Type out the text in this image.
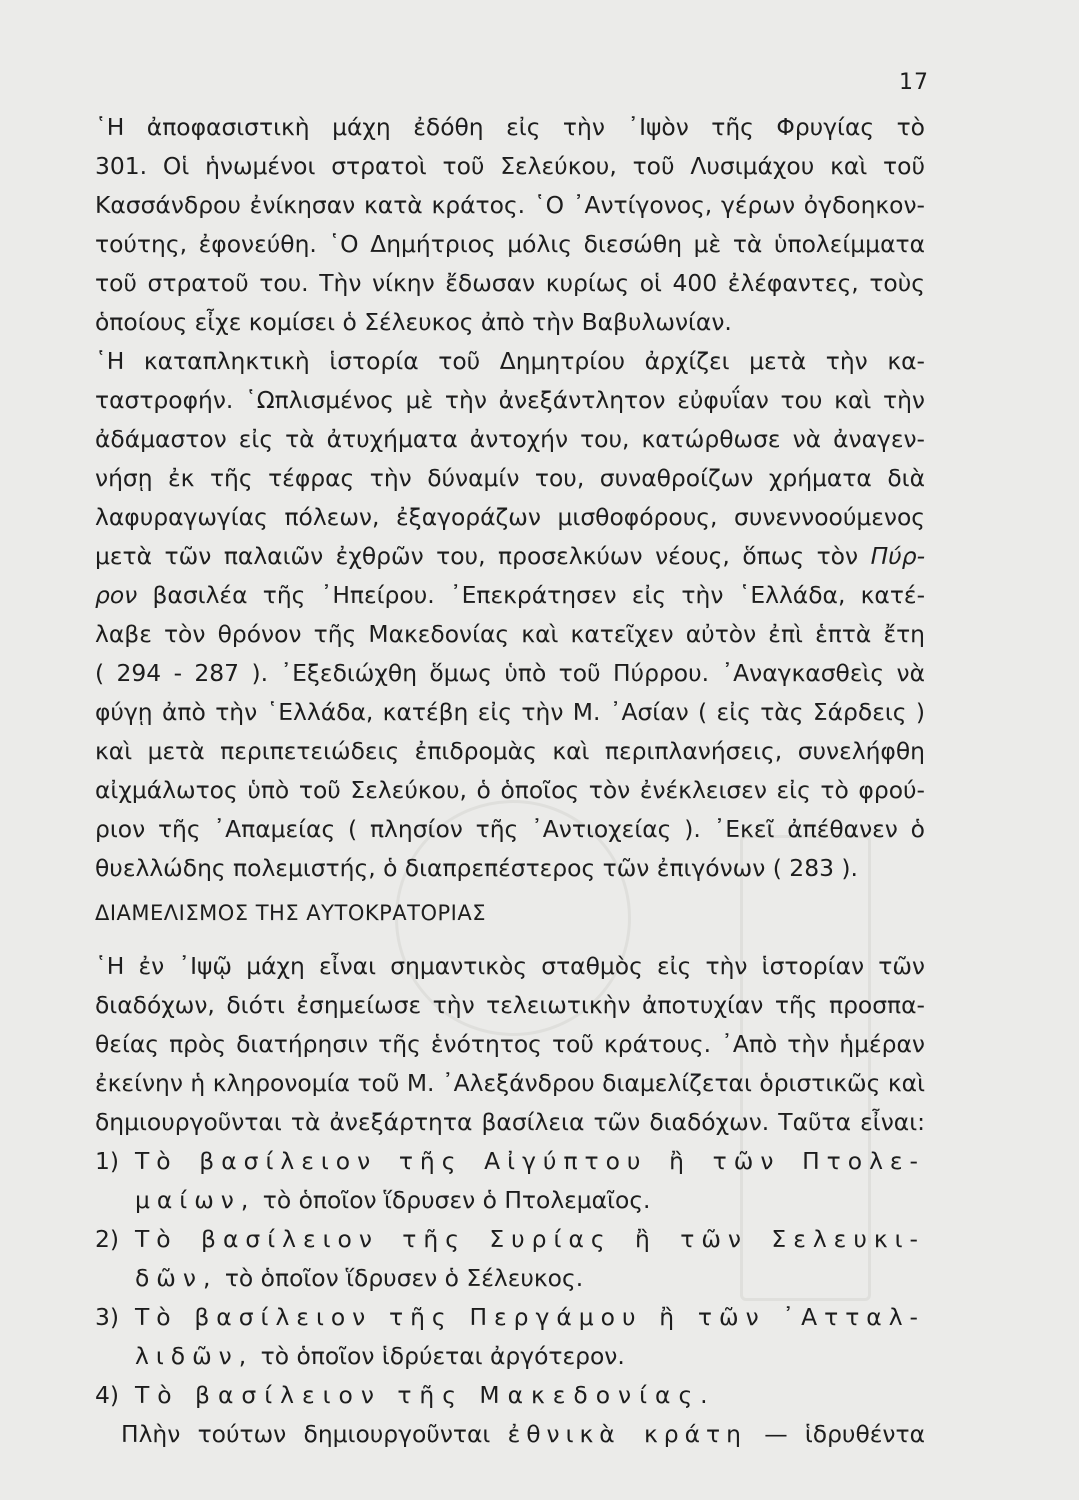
17
῾Η ἀποφασιστικὴ μάχη ἐδόθη εἰς τὴν ᾿Ιψὸν τῆς Φρυγίας τὸ
301. Οἱ ἡνωμένοι στρατοὶ τοῦ Σελεύκου, τοῦ Λυσιμάχου καὶ τοῦ
Κασσάνδρου ἐνίκησαν κατὰ κράτος. ῾Ο ᾿Αντίγονος, γέρων ὀγδοηκον-
τούτης, ἐφονεύθη. ῾Ο Δημήτριος μόλις διεσώθη μὲ τὰ ὑπολείμματα
τοῦ στρατοῦ του. Τὴν νίκην ἔδωσαν κυρίως οἱ 400 ἐλέφαντες, τοὺς
ὁποίους εἶχε κομίσει ὁ Σέλευκος ἀπὸ τὴν Βαβυλωνίαν.
῾Η καταπληκτικὴ ἱστορία τοῦ Δημητρίου ἀρχίζει μετὰ τὴν κα-
ταστροφήν. ῾Ωπλισμένος μὲ τὴν ἀνεξάντλητον εὐφυΐαν του καὶ τὴν
ἀδάμαστον εἰς τὰ ἀτυχήματα ἀντοχήν του, κατώρθωσε νὰ ἀναγεν-
νήσῃ ἐκ τῆς τέφρας τὴν δύναμίν του, συναθροίζων χρήματα διὰ
λαφυραγωγίας πόλεων, ἐξαγοράζων μισθοφόρους, συνεννοούμενος
μετὰ τῶν παλαιῶν ἐχθρῶν του, προσελκύων νέους, ὅπως τὸν Πύρ-
ρον βασιλέα τῆς ᾿Ηπείρου. ᾿Επεκράτησεν εἰς τὴν ῾Ελλάδα, κατέ-
λαβε τὸν θρόνον τῆς Μακεδονίας καὶ κατεῖχεν αὐτὸν ἐπὶ ἑπτὰ ἔτη
( 294 - 287 ). ᾿Εξεδιώχθη ὅμως ὑπὸ τοῦ Πύρρου. ᾿Αναγκασθεὶς νὰ
φύγῃ ἀπὸ τὴν ῾Ελλάδα, κατέβη εἰς τὴν Μ. ᾿Ασίαν ( εἰς τὰς Σάρδεις )
καὶ μετὰ περιπετειώδεις ἐπιδρομὰς καὶ περιπλανήσεις, συνελήφθη
αἰχμάλωτος ὑπὸ τοῦ Σελεύκου, ὁ ὁποῖος τὸν ἐνέκλεισεν εἰς τὸ φρού-
ριον τῆς ᾿Απαμείας ( πλησίον τῆς ᾿Αντιοχείας ). ᾿Εκεῖ ἀπέθανεν ὁ
θυελλώδης πολεμιστής, ὁ διαπρεπέστερος τῶν ἐπιγόνων ( 283 ).
ΔΙΑΜΕΛΙΣΜΟΣ ΤΗΣ ΑΥΤΟΚΡΑΤΟΡΙΑΣ
῾Η ἐν ᾿Ιψῷ μάχη εἶναι σημαντικὸς σταθμὸς εἰς τὴν ἱστορίαν τῶν
διαδόχων, διότι ἐσημείωσε τὴν τελειωτικὴν ἀποτυχίαν τῆς προσπα-
θείας πρὸς διατήρησιν τῆς ἑνότητος τοῦ κράτους. ᾿Απὸ τὴν ἡμέραν
ἐκείνην ἡ κληρονομία τοῦ Μ. ᾿Αλεξάνδρου διαμελίζεται ὁριστικῶς καὶ
δημιουργοῦνται τὰ ἀνεξάρτητα βασίλεια τῶν διαδόχων. Ταῦτα εἶναι:
1) Τὸ βασίλειον τῆς Αἰγύπτου ἢ τῶν Πτολε-
μαίων, τὸ ὁποῖον ἵδρυσεν ὁ Πτολεμαῖος.
2) Τὸ βασίλειον τῆς Συρίας ἢ τῶν Σελευκι-
δῶν, τὸ ὁποῖον ἵδρυσεν ὁ Σέλευκος.
3) Τὸ βασίλειον τῆς Περγάμου ἢ τῶν ᾿Ατταλ-
λιδῶν, τὸ ὁποῖον ἱδρύεται ἀργότερον.
4) Τὸ βασίλειον τῆς Μακεδονίας.
Πλὴν τούτων δημιουργοῦνται ἐθνικὰ κράτη — ἱδρυθέντα
